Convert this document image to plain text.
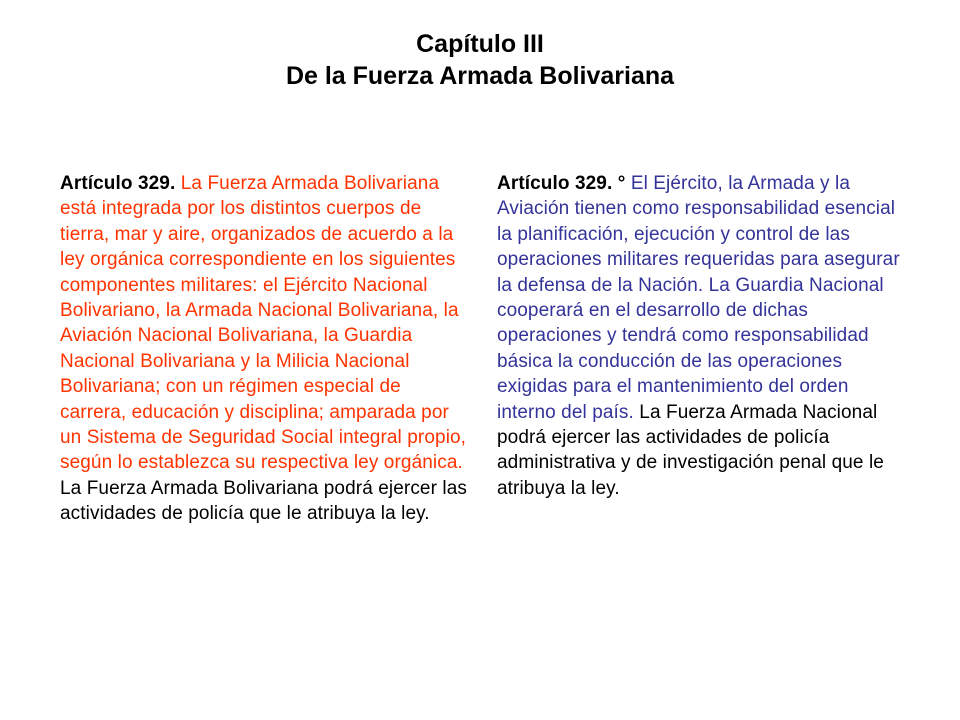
Capítulo III
De la Fuerza Armada Bolivariana

Artículo 329. La Fuerza Armada Bolivariana está integrada por los distintos cuerpos de tierra, mar y aire, organizados de acuerdo a la ley orgánica correspondiente en los siguientes componentes militares: el Ejército Nacional Bolivariano, la Armada Nacional Bolivariana, la Aviación Nacional Bolivariana, la Guardia Nacional Bolivariana y la Milicia Nacional Bolivariana; con un régimen especial de carrera, educación y disciplina; amparada por un Sistema de Seguridad Social integral propio, según lo establezca su respectiva ley orgánica.

La Fuerza Armada Bolivariana podrá ejercer las actividades de policía que le atribuya la ley.

Artículo 329. ° El Ejército, la Armada y la Aviación tienen como responsabilidad esencial la planificación, ejecución y control de las operaciones militares requeridas para asegurar la defensa de la Nación. La Guardia Nacional cooperará en el desarrollo de dichas operaciones y tendrá como responsabilidad básica la conducción de las operaciones exigidas para el mantenimiento del orden interno del país. La Fuerza Armada Nacional podrá ejercer las actividades de policía administrativa y de investigación penal que le atribuya la ley.
